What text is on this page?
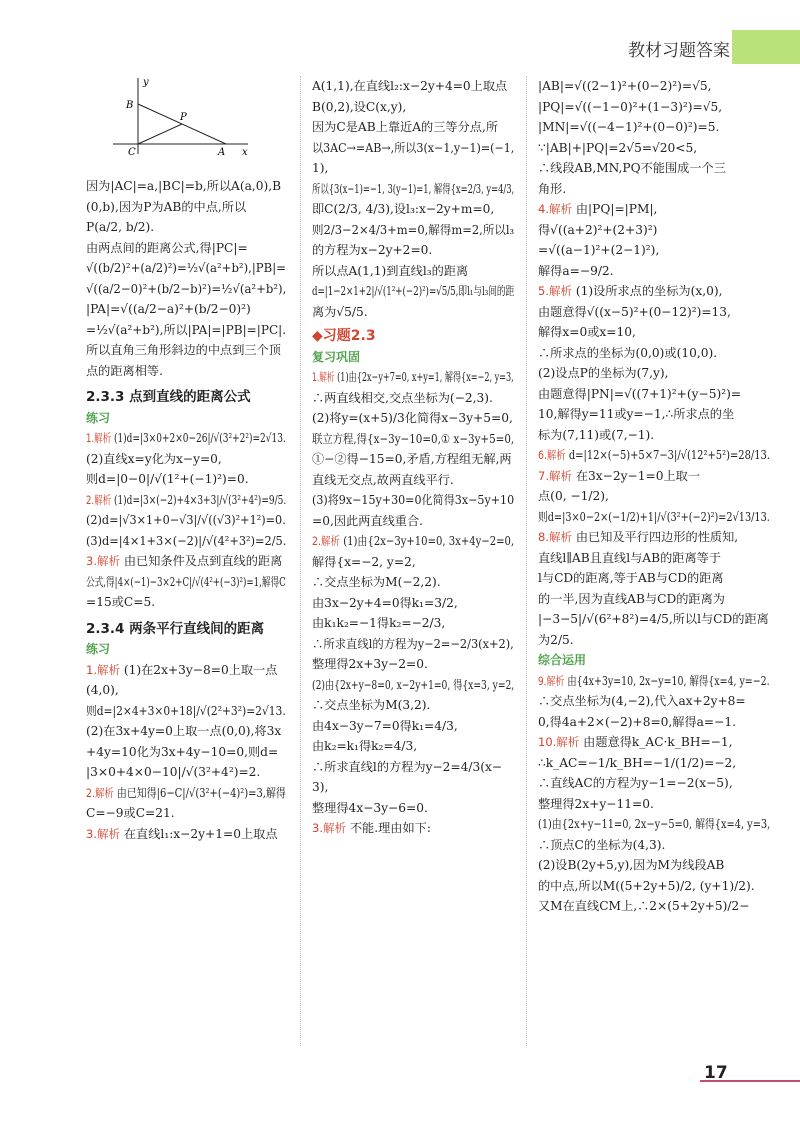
教材习题答案
y
B
P
C	A x
因为|AC|=a,|BC|=b,所以A(a,0),B
(0,b),因为P为AB的中点,所以
P(a/2, b/2).
由两点间的距离公式,得|PC|=
√((b/2)²+(a/2)²)=½√(a²+b²),|PB|=
√((a/2−0)²+(b/2−b)²)=½√(a²+b²),
|PA|=√((a/2−a)²+(b/2−0)²)
=½√(a²+b²),所以|PA|=|PB|=|PC|.
所以直角三角形斜边的中点到三个顶
点的距离相等.
2.3.3 点到直线的距离公式
练习
1.解析 (1)d=|3×0+2×0−26|/√(3²+2²)=2√13.
(2)直线x=y化为x−y=0,
则d=|0−0|/√(1²+(−1)²)=0.
2.解析 (1)d=|3×(−2)+4×3+3|/√(3²+4²)=9/5.
(2)d=|√3×1+0−√3|/√((√3)²+1²)=0.
(3)d=|4×1+3×(−2)|/√(4²+3²)=2/5.
3.解析 由已知条件及点到直线的距离
公式,得|4×(−1)−3×2+C|/√(4²+(−3)²)=1,解得C
=15或C=5.
2.3.4 两条平行直线间的距离
练习
1.解析 (1)在2x+3y−8=0上取一点
(4,0),
则d=|2×4+3×0+18|/√(2²+3²)=2√13.
(2)在3x+4y=0上取一点(0,0),将3x
+4y=10化为3x+4y−10=0,则d=
|3×0+4×0−10|/√(3²+4²)=2.
2.解析 由已知得|6−C|/√(3²+(−4)²)=3,解得
C=−9或C=21.
3.解析 在直线l₁:x−2y+1=0上取点
A(1,1),在直线l₂:x−2y+4=0上取点
B(0,2),设C(x,y),
因为C是AB上靠近A的三等分点,所
以3AC→=AB→,所以3(x−1,y−1)=(−1,
1),
所以{3(x−1)=−1, 3(y−1)=1, 解得{x=2/3, y=4/3,
即C(2/3, 4/3),设l₃:x−2y+m=0,
则2/3−2×4/3+m=0,解得m=2,所以l₃
的方程为x−2y+2=0.
所以点A(1,1)到直线l₃的距离
d=|1−2×1+2|/√(1²+(−2)²)=√5/5,即l₁与l₃间的距
离为√5/5.
◆习题2.3
复习巩固
1.解析 (1)由{2x−y+7=0, x+y=1, 解得{x=−2, y=3,
∴两直线相交,交点坐标为(−2,3).
(2)将y=(x+5)/3化简得x−3y+5=0,
联立方程,得{x−3y−10=0,① x−3y+5=0,
①−②得−15=0,矛盾,方程组无解,两
直线无交点,故两直线平行.
(3)将9x−15y+30=0化简得3x−5y+10
=0,因此两直线重合.
2.解析 (1)由{2x−3y+10=0, 3x+4y−2=0,
解得{x=−2, y=2,
∴交点坐标为M(−2,2).
由3x−2y+4=0得k₁=3/2,
由k₁k₂=−1得k₂=−2/3,
∴所求直线l的方程为y−2=−2/3(x+2),
整理得2x+3y−2=0.
(2)由{2x+y−8=0, x−2y+1=0, 得{x=3, y=2,
∴交点坐标为M(3,2).
由4x−3y−7=0得k₁=4/3,
由k₂=k₁得k₂=4/3,
∴所求直线l的方程为y−2=4/3(x−
3),
整理得4x−3y−6=0.
3.解析 不能.理由如下:
|AB|=√((2−1)²+(0−2)²)=√5,
|PQ|=√((−1−0)²+(1−3)²)=√5,
|MN|=√((−4−1)²+(0−0)²)=5.
∵|AB|+|PQ|=2√5=√20<5,
∴线段AB,MN,PQ不能围成一个三
角形.
4.解析 由|PQ|=|PM|,
得√((a+2)²+(2+3)²)
=√((a−1)²+(2−1)²),
解得a=−9/2.
5.解析 (1)设所求点的坐标为(x,0),
由题意得√((x−5)²+(0−12)²)=13,
解得x=0或x=10,
∴所求点的坐标为(0,0)或(10,0).
(2)设点P的坐标为(7,y),
由题意得|PN|=√((7+1)²+(y−5)²)=
10,解得y=11或y=−1,∴所求点的坐
标为(7,11)或(7,−1).
6.解析 d=|12×(−5)+5×7−3|/√(12²+5²)=28/13.
7.解析 在3x−2y−1=0上取一
点(0, −1/2),
则d=|3×0−2×(−1/2)+1|/√(3²+(−2)²)=2√13/13.
8.解析 由已知及平行四边形的性质知,
直线l∥AB且直线l与AB的距离等于
l与CD的距离,等于AB与CD的距离
的一半,因为直线AB与CD的距离为
|−3−5|/√(6²+8²)=4/5,所以l与CD的距离
为2/5.
综合运用
9.解析 由{4x+3y=10, 2x−y=10, 解得{x=4, y=−2.
∴交点坐标为(4,−2),代入ax+2y+8=
0,得4a+2×(−2)+8=0,解得a=−1.
10.解析 由题意得k_AC·k_BH=−1,
∴k_AC=−1/k_BH=−1/(1/2)=−2,
∴直线AC的方程为y−1=−2(x−5),
整理得2x+y−11=0.
(1)由{2x+y−11=0, 2x−y−5=0, 解得{x=4, y=3,
∴顶点C的坐标为(4,3).
(2)设B(2y+5,y),因为M为线段AB
的中点,所以M((5+2y+5)/2, (y+1)/2).
又M在直线CM上,∴2×(5+2y+5)/2−
17
